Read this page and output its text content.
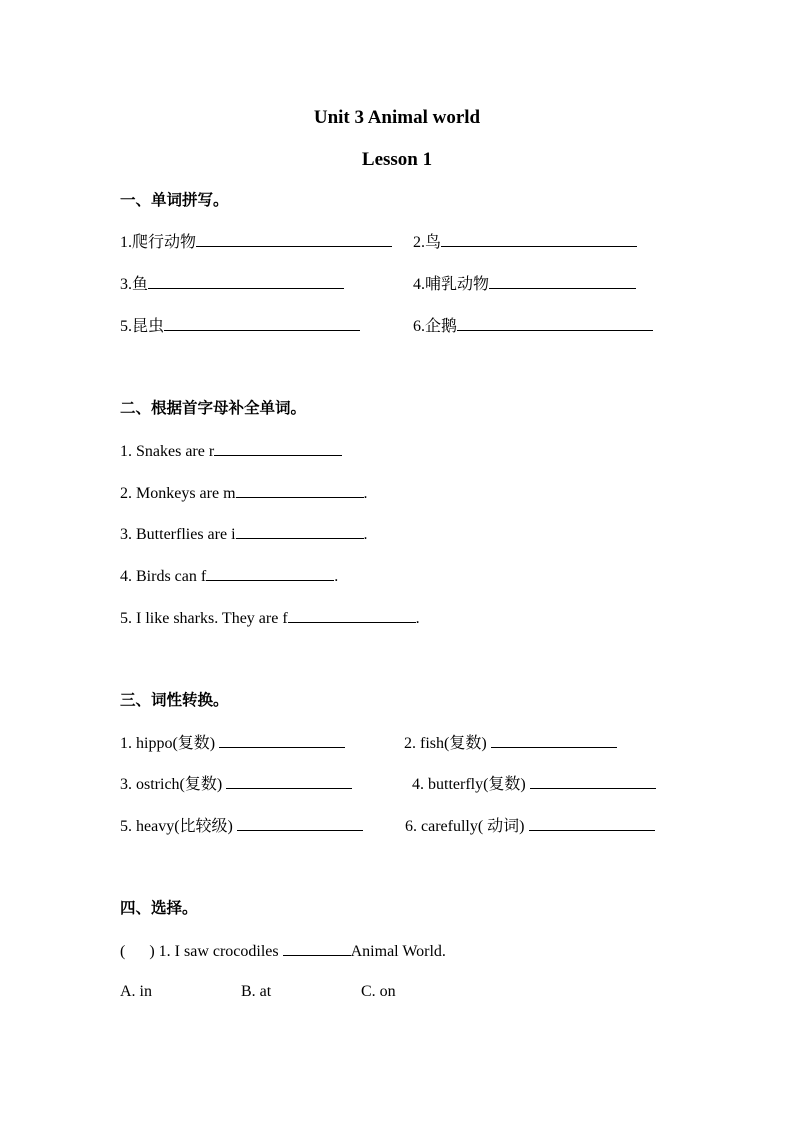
Unit 3 Animal world
Lesson 1
一、单词拼写。
1.爬行动物	2.鸟
3.鱼	4.哺乳动物
5.昆虫	6.企鹅
二、根据首字母补全单词。
1. Snakes are r
2. Monkeys are m	.
3. Butterflies are i	.
4. Birds can f	.
5. I like sharks. They are f	.
三、词性转换。
1. hippo(复数)	2. fish(复数)
3. ostrich(复数)	4. butterfly(复数)
5. heavy(比较级)	6. carefully( 动词)
四、选择。
(      ) 1. I saw crocodiles	Animal World.
A. in	B. at	C. on
